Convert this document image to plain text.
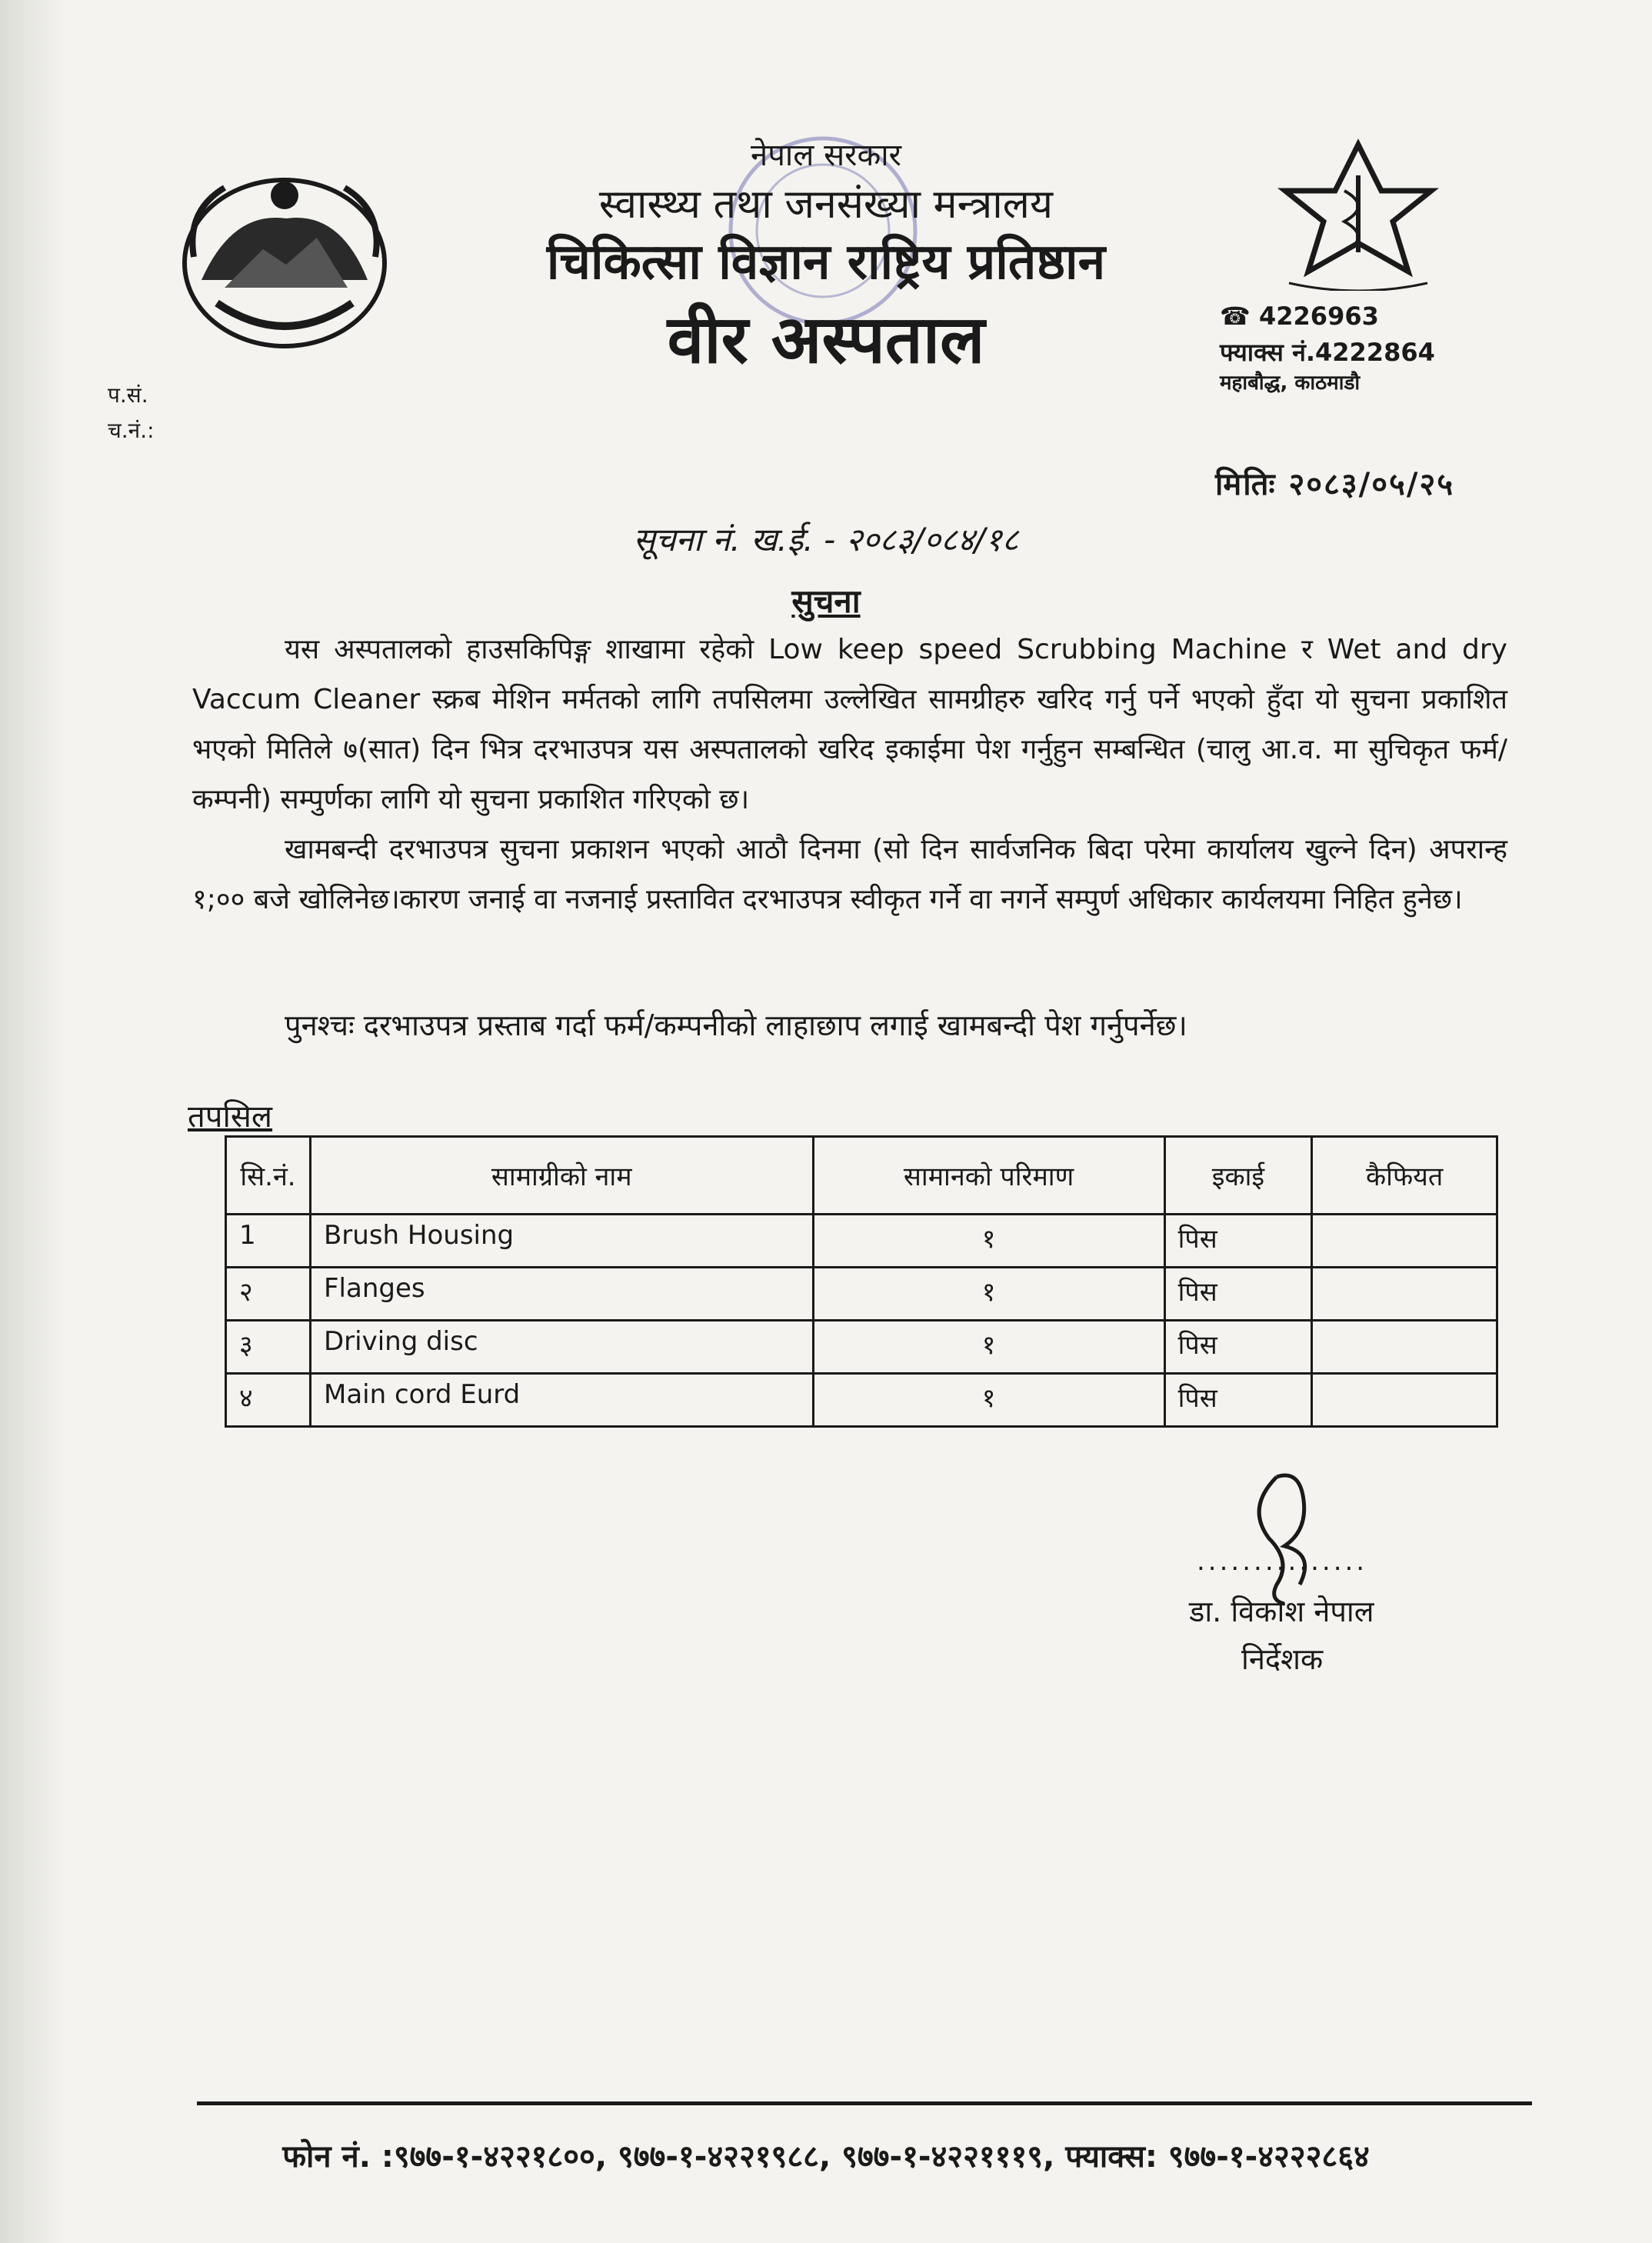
नेपाल सरकार
स्वास्थ्य तथा जनसंख्या मन्त्रालय
चिकित्सा विज्ञान राष्ट्रिय प्रतिष्ठान
वीर अस्पताल	☎ 4226963
फ्याक्स नं.4222864
महाबौद्ध, काठमाडौ
प.सं.
च.नं.:
मितिः २०८३/०५/२५
सूचना नं. ख.ई. - २०८३/०८४/१८
सुचना
यस अस्पतालको हाउसकिपिङ्ग शाखामा रहेको Low keep speed Scrubbing Machine र Wet and dry Vaccum Cleaner स्क्रब मेशिन मर्मतको लागि तपसिलमा उल्लेखित सामग्रीहरु खरिद गर्नु पर्ने भएको हुँदा यो सुचना प्रकाशित भएको मितिले ७(सात) दिन भित्र दरभाउपत्र यस अस्पतालको खरिद इकाईमा पेश गर्नुहुन सम्बन्धित (चालु आ.व. मा सुचिकृत फर्म/कम्पनी) सम्पुर्णका लागि यो सुचना प्रकाशित गरिएको छ।
खामबन्दी दरभाउपत्र सुचना प्रकाशन भएको आठौ दिनमा (सो दिन सार्वजनिक बिदा परेमा कार्यालय खुल्ने दिन) अपरान्ह १;०० बजे खोलिनेछ।कारण जनाई वा नजनाई प्रस्तावित दरभाउपत्र स्वीकृत गर्ने वा नगर्ने सम्पुर्ण अधिकार कार्यलयमा निहित हुनेछ।
पुनश्चः दरभाउपत्र प्रस्ताब गर्दा फर्म/कम्पनीको लाहाछाप लगाई खामबन्दी पेश गर्नुपर्नेछ।
तपसिल
सि.नं.	सामाग्रीको नाम	सामानको परिमाण	इकाई	कैफियत
1	Brush Housing	१	पिस	
२	Flanges	१	पिस	
३	Driving disc	१	पिस	
४	Main cord Eurd	१	पिस	
...............
डा. विकाश नेपाल
निर्देशक
फोन नं. :९७७-१-४२२१८००, ९७७-१-४२२१९८८, ९७७-१-४२२१११९, फ्याक्स: ९७७-१-४२२२८६४
